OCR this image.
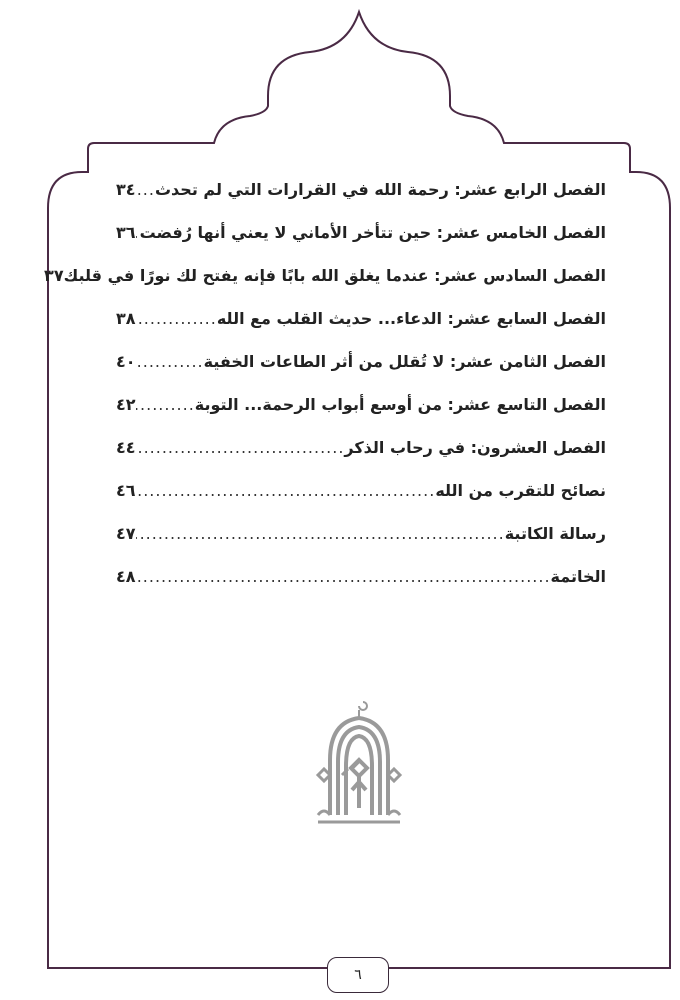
الفصل الرابع عشر: رحمة الله في القرارات التي لم تحدث
.....
٣٤
الفصل الخامس عشر: حين تتأخر الأماني لا يعني أنها رُفضت
.....
٣٦
الفصل السادس عشر: عندما يغلق الله بابًا فإنه يفتح لك نورًا في قلبك
٣٧
الفصل السابع عشر: الدعاء... حديث القلب مع الله
.....
٣٨
الفصل الثامن عشر: لا تُقلل من أثر الطاعات الخفية
.....
٤٠
الفصل التاسع عشر: من أوسع أبواب الرحمة... التوبة
.....
٤٢
الفصل العشرون: في رحاب الذكر
.....
٤٤
نصائح للتقرب من الله
.....
٤٦
رسالة الكاتبة
.....
٤٧
الخاتمة
.....
٤٨
٦
